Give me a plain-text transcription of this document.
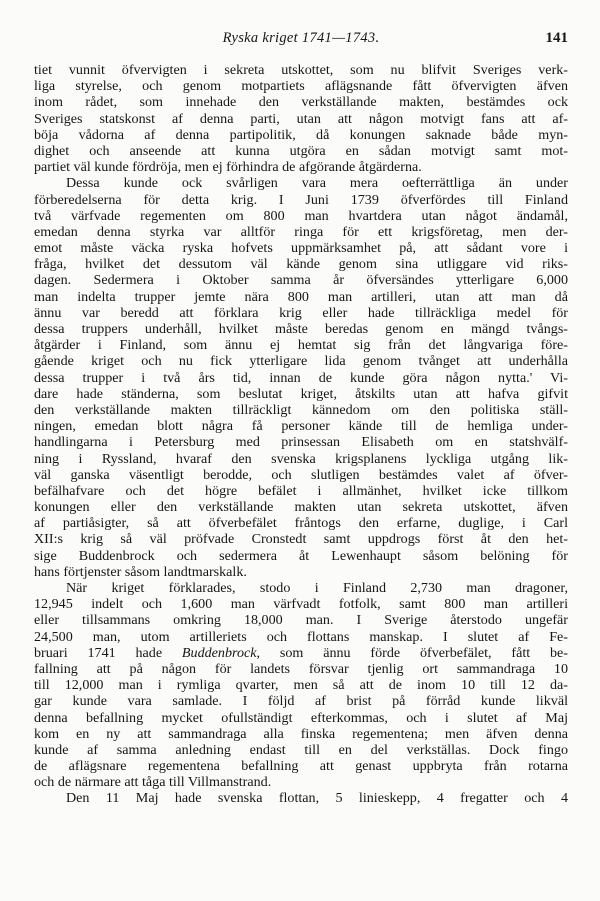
Ryska kriget 1741—1743.	141
tiet vunnit öfvervigten i sekreta utskottet, som nu blifvit Sveriges verk-
liga styrelse, och genom motpartiets aflägsnande fått öfvervigten äfven
inom rådet, som innehade den verkställande makten, bestämdes ock
Sveriges statskonst af denna parti, utan att någon motvigt fans att af-
böja vådorna af denna partipolitik, då konungen saknade både myn-
dighet och anseende att kunna utgöra en sådan motvigt samt mot-
partiet väl kunde fördröja, men ej förhindra de afgörande åtgärderna.
Dessa kunde ock svårligen vara mera oefterrättliga än under
förberedelserna för detta krig. I Juni 1739 öfverfördes till Finland
två värfvade regementen om 800 man hvartdera utan något ändamål,
emedan denna styrka var alltför ringa för ett krigsföretag, men der-
emot måste väcka ryska hofvets uppmärksamhet på, att sådant vore i
fråga, hvilket det dessutom väl kände genom sina utliggare vid riks-
dagen. Sedermera i Oktober samma år öfversändes ytterligare 6,000
man indelta trupper jemte nära 800 man artilleri, utan att man då
ännu var beredd att förklara krig eller hade tillräckliga medel för
dessa truppers underhåll, hvilket måste beredas genom en mängd tvångs-
åtgärder i Finland, som ännu ej hemtat sig från det långvariga före-
gående kriget och nu fick ytterligare lida genom tvånget att underhålla
dessa trupper i två års tid, innan de kunde göra någon nytta.' Vi-
dare hade ständerna, som beslutat kriget, åtskilts utan att hafva gifvit
den verkställande makten tillräckligt kännedom om den politiska ställ-
ningen, emedan blott några få personer kände till de hemliga under-
handlingarna i Petersburg med prinsessan Elisabeth om en statshvälf-
ning i Ryssland, hvaraf den svenska krigsplanens lyckliga utgång lik-
väl ganska väsentligt berodde, och slutligen bestämdes valet af öfver-
befälhafvare och det högre befälet i allmänhet, hvilket icke tillkom
konungen eller den verkställande makten utan sekreta utskottet, äfven
af partiåsigter, så att öfverbefälet fråntogs den erfarne, duglige, i Carl
XII:s krig så väl pröfvade Cronstedt samt uppdrogs först åt den het-
sige Buddenbrock och sedermera åt Lewenhaupt såsom belöning för
hans förtjenster såsom landtmarskalk.
När kriget förklarades, stodo i Finland 2,730 man dragoner,
12,945 indelt och 1,600 man värfvadt fotfolk, samt 800 man artilleri
eller tillsammans omkring 18,000 man. I Sverige återstodo ungefär
24,500 man, utom artilleriets och flottans manskap. I slutet af Fe-
bruari 1741 hade Buddenbrock, som ännu förde öfverbefälet, fått be-
fallning att på någon för landets försvar tjenlig ort sammandraga 10
till 12,000 man i rymliga qvarter, men så att de inom 10 till 12 da-
gar kunde vara samlade. I följd af brist på förråd kunde likväl
denna befallning mycket ofullständigt efterkommas, och i slutet af Maj
kom en ny att sammandraga alla finska regementena; men äfven denna
kunde af samma anledning endast till en del verkställas. Dock fingo
de aflägsnare regementena befallning att genast uppbryta från rotarna
och de närmare att tåga till Villmanstrand.
Den 11 Maj hade svenska flottan, 5 linieskepp, 4 fregatter och 4
